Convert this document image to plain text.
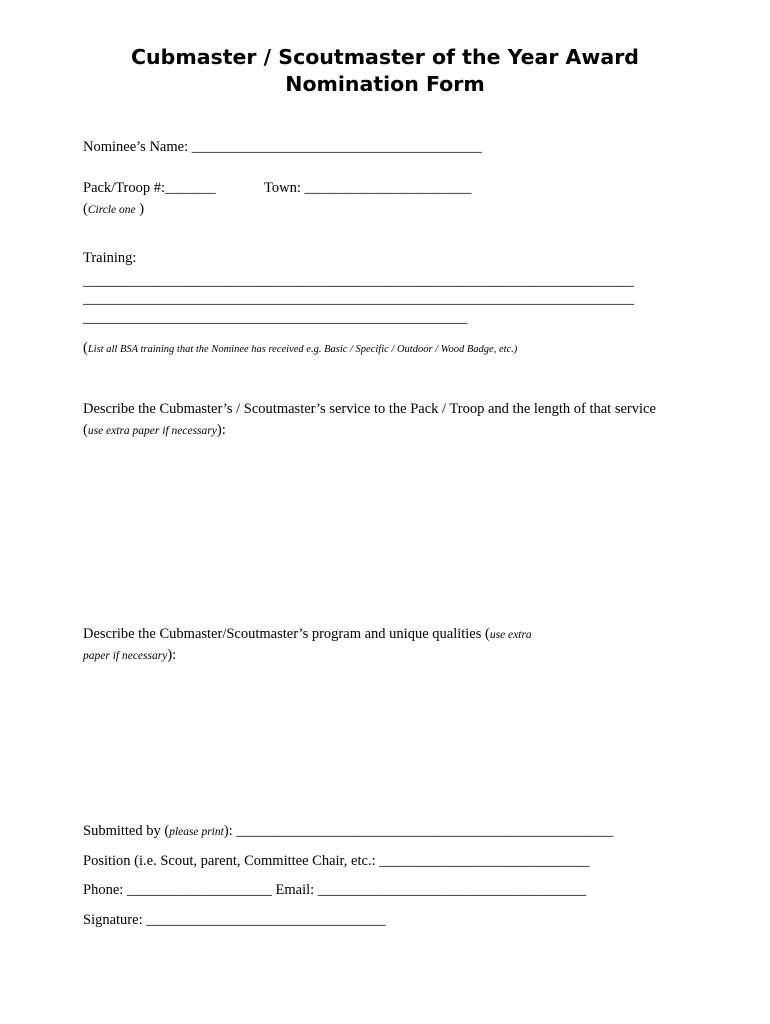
Cubmaster / Scoutmaster of the Year Award
Nomination Form
Nominee’s Name: ________________________________________
Pack/Troop #:_______	Town: _______________________
(Circle one )
Training:
____________________________________________________________________________
____________________________________________________________________________
_____________________________________________________
(List all BSA training that the Nominee has received e.g. Basic / Specific / Outdoor / Wood Badge, etc.)
Describe the Cubmaster’s / Scoutmaster’s service to the Pack / Troop and the length of that service
(use extra paper if necessary):
Describe the Cubmaster/Scoutmaster’s program and unique qualities (use extra
paper if necessary):
Submitted by (please print): ____________________________________________________
Position (i.e. Scout, parent, Committee Chair, etc.: _____________________________
Phone: ____________________ Email: _____________________________________
Signature: _________________________________
